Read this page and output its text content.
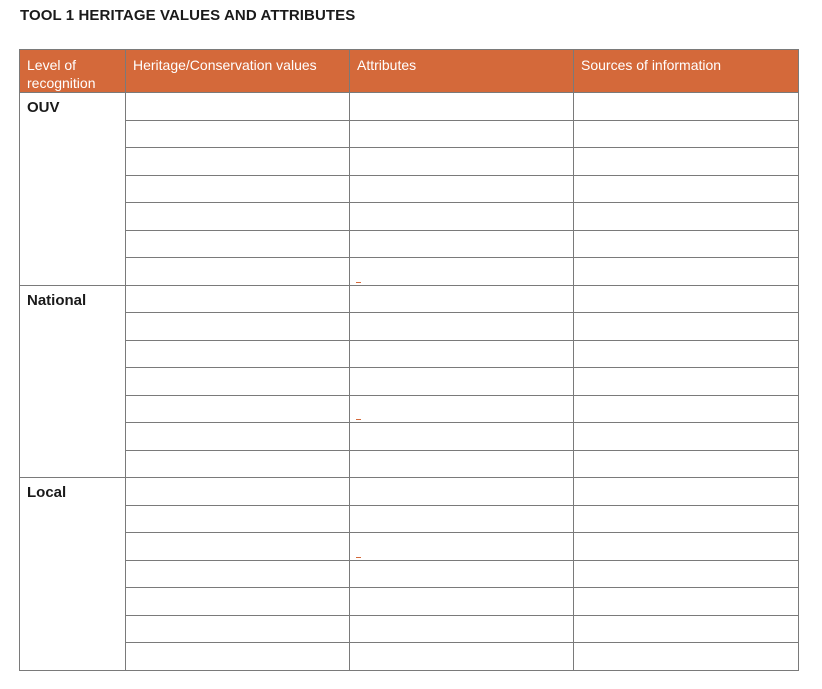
TOOL 1 HERITAGE VALUES AND ATTRIBUTES
Level of recognition	Heritage/Conservation values	Attributes	Sources of information
OUV			

National			

Local			
